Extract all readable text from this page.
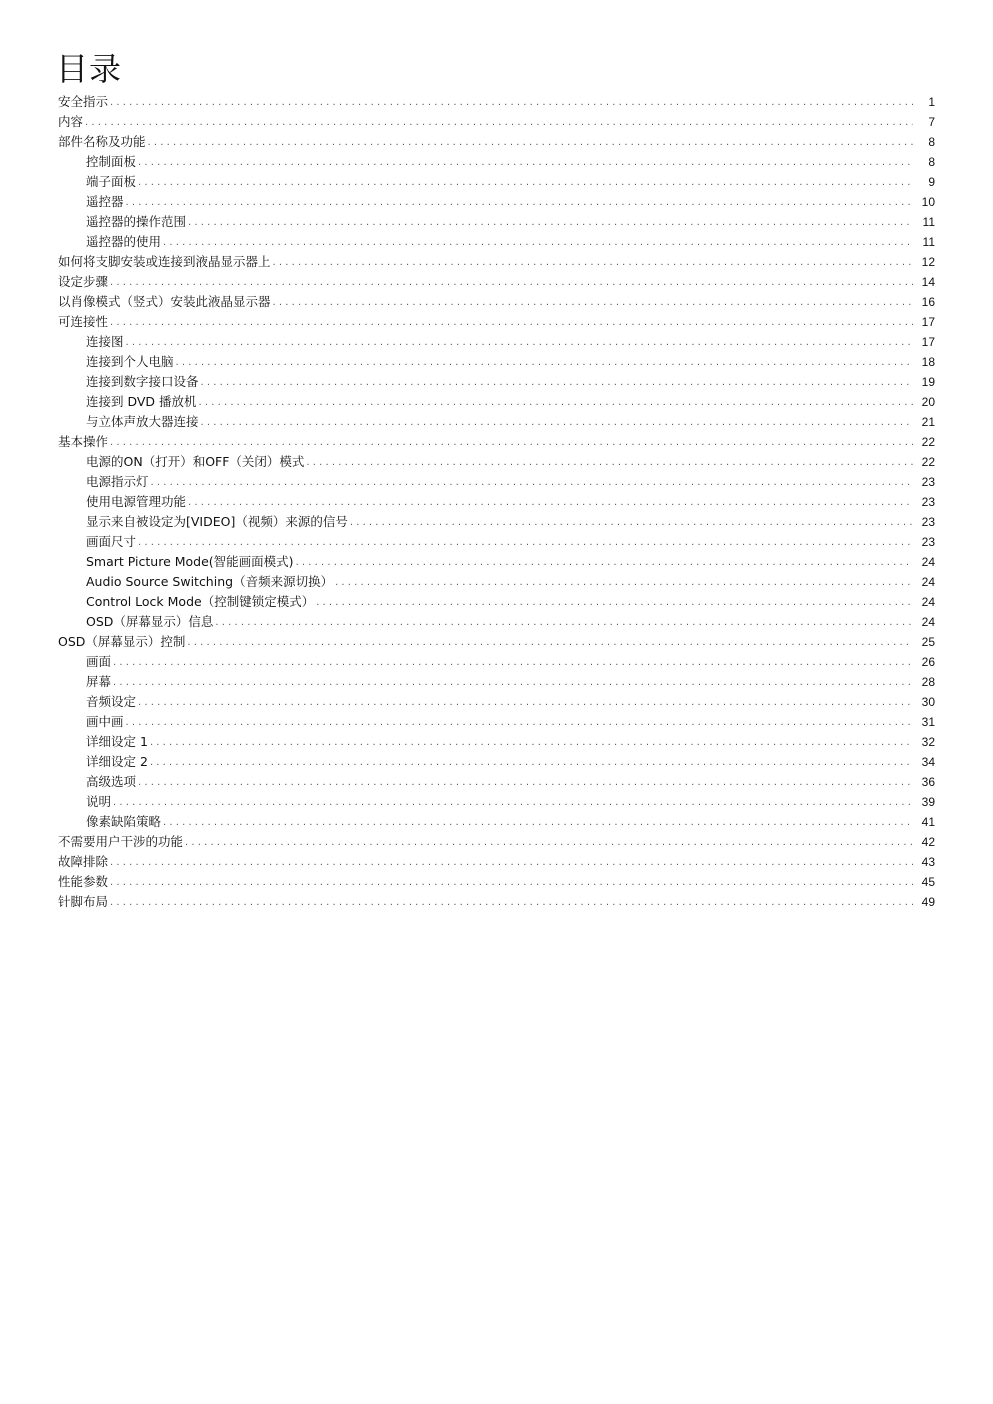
目录
安全指示 . . .	1
内容 . . .	7
部件名称及功能 . . .	8
控制面板 . . .	8
端子面板 . . .	9
遥控器 . . .	10
遥控器的操作范围 . . .	11
遥控器的使用 . . .	11
如何将支脚安装或连接到液晶显示器上 . . .	12
设定步骤 . . .	14
以肖像模式（竖式）安装此液晶显示器 . . .	16
可连接性 . . .	17
连接图 . . .	17
连接到个人电脑 . . .	18
连接到数字接口设备 . . .	19
连接到 DVD 播放机 . . .	20
与立体声放大器连接 . . .	21
基本操作 . . .	22
电源的ON（打开）和OFF（关闭）模式 . . .	22
电源指示灯 . . .	23
使用电源管理功能 . . .	23
显示来自被设定为[VIDEO]（视频）来源的信号 . . .	23
画面尺寸 . . .	23
Smart Picture Mode(智能画面模式) . . .	24
Audio Source Switching（音频来源切换） . . .	24
Control Lock Mode（控制键锁定模式） . . .	24
OSD（屏幕显示）信息 . . .	24
OSD（屏幕显示）控制 . . .	25
画面 . . .	26
屏幕 . . .	28
音频设定 . . .	30
画中画 . . .	31
详细设定 1 . . .	32
详细设定 2 . . .	34
高级选项 . . .	36
说明 . . .	39
像素缺陷策略 . . .	41
不需要用户干涉的功能 . . .	42
故障排除 . . .	43
性能参数 . . .	45
针脚布局 . . .	49
